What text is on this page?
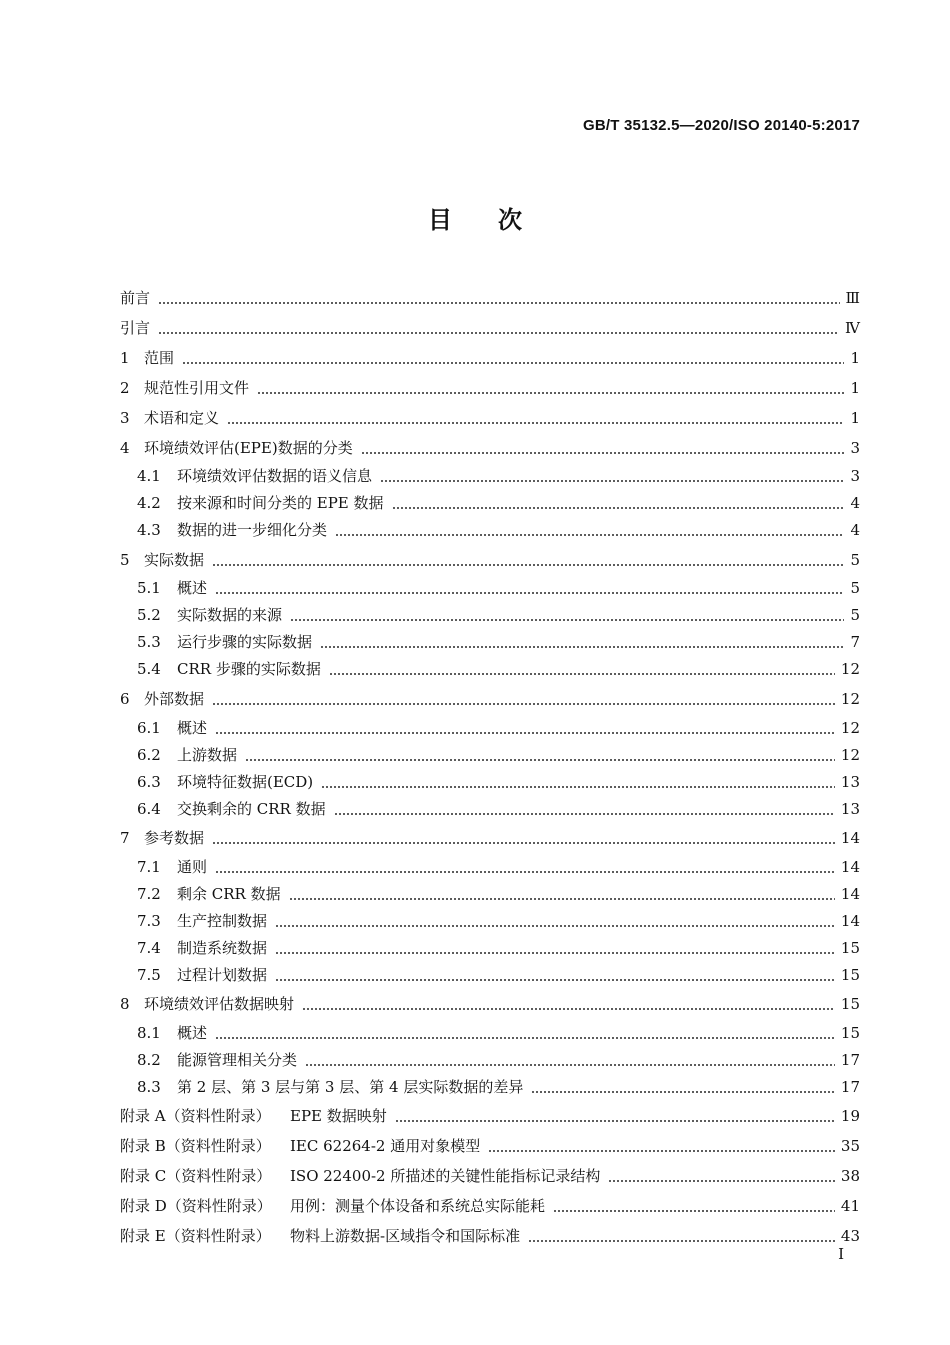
GB/T 35132.5—2020/ISO 20140-5:2017
目次
前言	Ⅲ
引言	Ⅳ
1 范围	1
2 规范性引用文件	1
3 术语和定义	1
4 环境绩效评估(EPE)数据的分类	3
4.1	环境绩效评估数据的语义信息	3
4.2	按来源和时间分类的 EPE 数据	4
4.3	数据的进一步细化分类	4
5 实际数据	5
5.1	概述	5
5.2	实际数据的来源	5
5.3	运行步骤的实际数据	7
5.4	CRR 步骤的实际数据	12
6 外部数据	12
6.1	概述	12
6.2	上游数据	12
6.3	环境特征数据(ECD)	13
6.4	交换剩余的 CRR 数据	13
7 参考数据	14
7.1	通则	14
7.2	剩余 CRR 数据	14
7.3	生产控制数据	14
7.4	制造系统数据	15
7.5	过程计划数据	15
8 环境绩效评估数据映射	15
8.1	概述	15
8.2	能源管理相关分类	17
8.3	第 2 层、第 3 层与第 3 层、第 4 层实际数据的差异	17
附录 A（资料性附录）	EPE 数据映射	19
附录 B（资料性附录）	IEC 62264-2 通用对象模型	35
附录 C（资料性附录）	ISO 22400-2 所描述的关键性能指标记录结构	38
附录 D（资料性附录）	用例：测量个体设备和系统总实际能耗	41
附录 E（资料性附录）	物料上游数据-区域指令和国际标准	43
I
